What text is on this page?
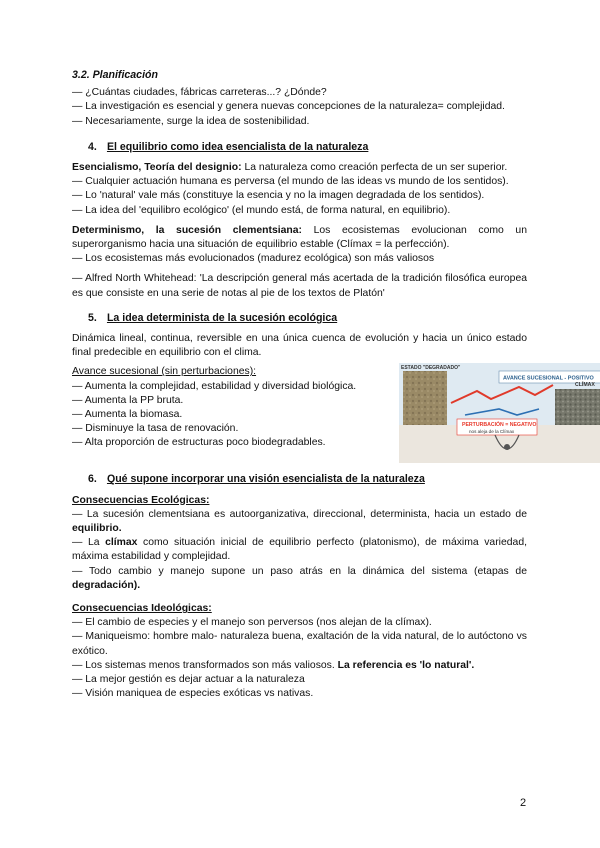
3.2. Planificación

— ¿Cuántas ciudades, fábricas carreteras...? ¿Dónde?

— La investigación es esencial y genera nuevas concepciones de la naturaleza= complejidad.

— Necesariamente, surge la idea de sostenibilidad.

4. El equilibrio como idea esencialista de la naturaleza

Esencialismo, Teoría del designio: La naturaleza como creación perfecta de un ser superior.

— Cualquier actuación humana es perversa (el mundo de las ideas vs mundo de los sentidos).

— Lo 'natural' vale más (constituye la esencia y no la imagen degradada de los sentidos).

— La idea del 'equilibro ecológico' (el mundo está, de forma natural, en equilibrio).

Determinismo, la sucesión clementsiana: Los ecosistemas evolucionan como un superorganismo hacia una situación de equilibrio estable (Clímax = la perfección).

— Los ecosistemas más evolucionados (madurez ecológica) son más valiosos

— Alfred North Whitehead: 'La descripción general más acertada de la tradición filosófica europea es que consiste en una serie de notas al pie de los textos de Platón'

5. La idea determinista de la sucesión ecológica

Dinámica lineal, continua, reversible en una única cuenca de evolución y hacia un único estado final predecible en equilibrio con el clima.

Avance sucesional (sin perturbaciones):

— Aumenta la complejidad, estabilidad y diversidad biológica.

— Aumenta la PP bruta.

— Aumenta la biomasa.

— Disminuye la tasa de renovación.

— Alta proporción de estructuras poco biodegradables.

AVANCE SUCESIONAL - POSITIVO
ESTADO "DEGRADADO"
CLÍMAX
PERTURBACIÓN = NEGATIVO
nos aleja de la Clímax
6. Qué supone incorporar una visión esencialista de la naturaleza

Consecuencias Ecológicas:

— La sucesión clementsiana es autoorganizativa, direccional, determinista, hacia un estado de equilibrio.

— La clímax como situación inicial de equilibrio perfecto (platonismo), de máxima variedad, máxima estabilidad y complejidad.

— Todo cambio y manejo supone un paso atrás en la dinámica del sistema (etapas de degradación).

Consecuencias Ideológicas:

— El cambio de especies y el manejo son perversos (nos alejan de la clímax).

— Maniqueismo: hombre malo- naturaleza buena, exaltación de la vida natural, de lo autóctono vs exótico.

— Los sistemas menos transformados son más valiosos. La referencia es 'lo natural'.

— La mejor gestión es dejar actuar a la naturaleza

— Visión maniquea de especies exóticas vs nativas.

2
